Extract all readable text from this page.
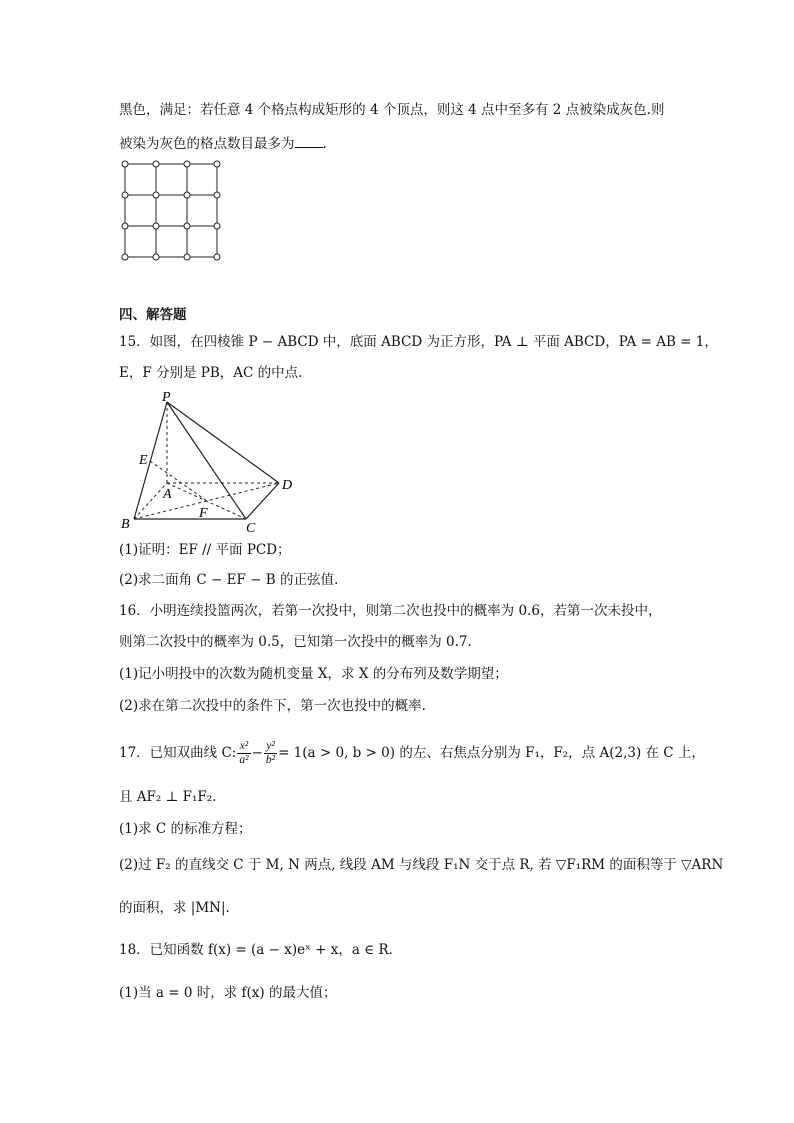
黑色，满足：若任意 4 个格点构成矩形的 4 个顶点，则这 4 点中至多有 2 点被染成灰色.则
被染为灰色的格点数目最多为 .
四、解答题
15．如图，在四棱锥 P − ABCD 中，底面 ABCD 为正方形，PA ⊥ 平面 ABCD，PA = AB = 1，
E，F 分别是 PB，AC 的中点.
P
E
A
F
D
B	C
(1)证明：EF // 平面 PCD；
(2)求二面角 C − EF − B 的正弦值.
16．小明连续投篮两次，若第一次投中，则第二次也投中的概率为 0.6，若第一次未投中，
则第二次投中的概率为 0.5，已知第一次投中的概率为 0.7．
(1)记小明投中的次数为随机变量 X，求 X 的分布列及数学期望；
(2)求在第二次投中的条件下，第一次也投中的概率.
17．已知双曲线 C: $\frac{\text{x²}}{\text{a²}} - \frac{\text{y²}}{\text{b²}} = 1(a > 0$, b > 0) 的左、右焦点分别为 F₁，F₂，点 A(2,3) 在 C 上，
且 AF₂ ⊥ F₁F₂.
(1)求 C 的标准方程；
(2)过 F₂ 的直线交 C 于 M, N 两点, 线段 AM 与线段 F₁N 交于点 R, 若 ▽F₁RM 的面积等于 ▽ARN
的面积，求 |MN|.
18．已知函数 f(x) = (a − x)eˣ + x，a ∈ R．
(1)当 a = 0 时，求 f(x) 的最大值；
